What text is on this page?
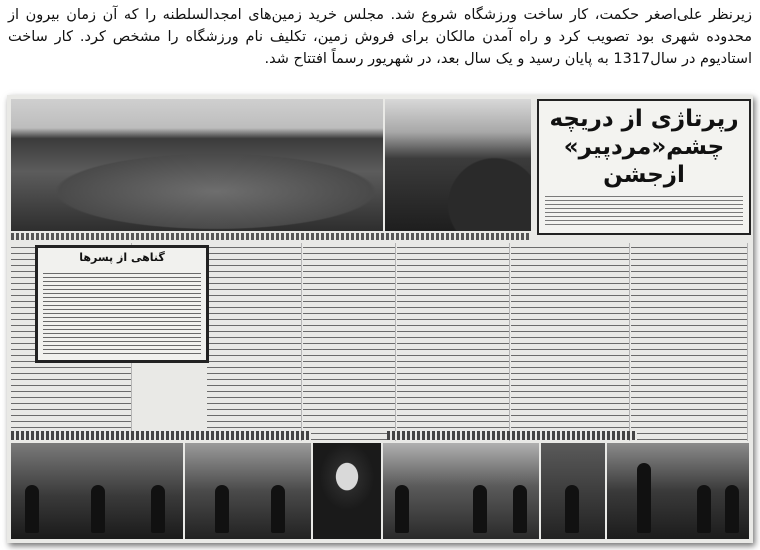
زیرنظر علی‌اصغر حکمت، کار ساخت ورزشگاه شروع شد. مجلس خرید زمین‌های امجدالسلطنه را که آن زمان بیرون از محدوده شهری بود تصویب کرد و راه آمدن مالکان برای فروش زمین، تکلیف نام ورزشگاه را مشخص کرد. کار ساخت استادیوم در سال1317 به پایان رسید و یک سال بعد، در شهریور رسماً افتتاح شد.
رپرتاژی از دریچه چشم«مردپیر» ازجشن
گناهی از پسرها
